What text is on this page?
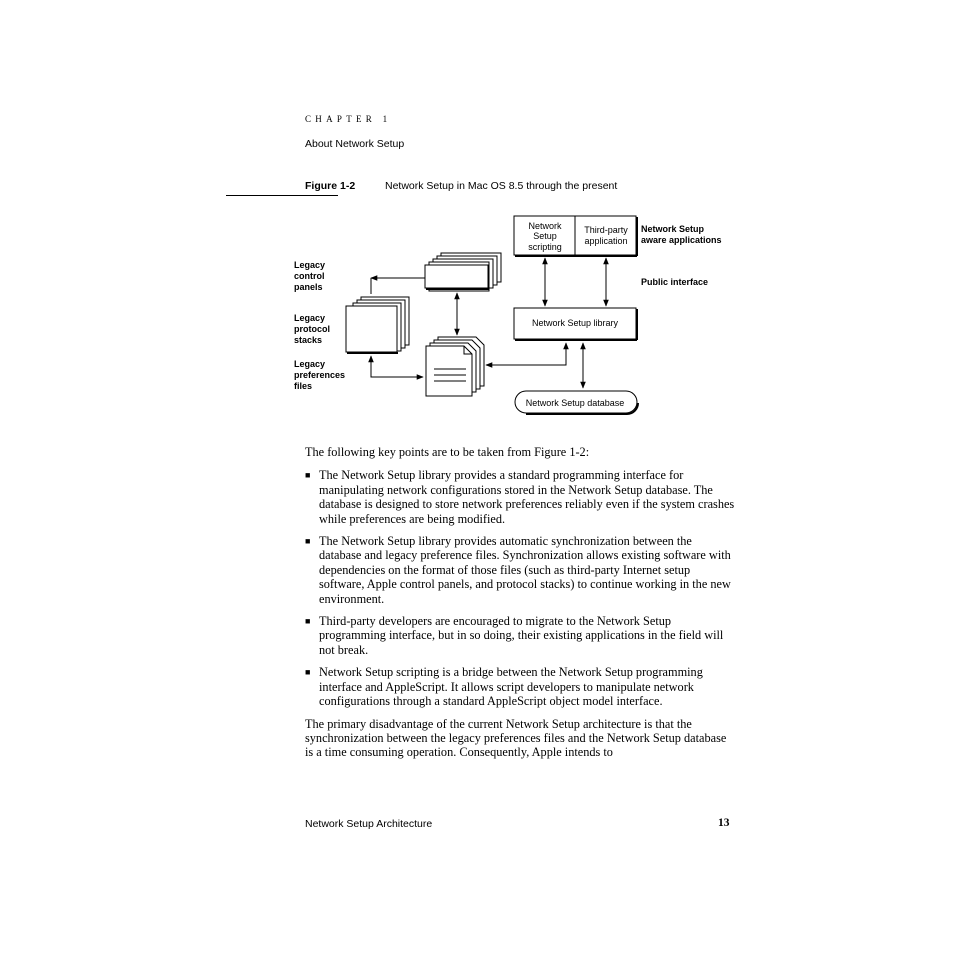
CHAPTER 1
About Network Setup
Figure 1-2	Network Setup in Mac OS 8.5 through the present
Network
Setup
scripting
Third-party
application
Network Setup library
Network Setup database
Legacy
control
panels
Legacy
protocol
stacks
Legacy
preferences
files
Network Setup
aware applications
Public interface

The following key points are to be taken from Figure 1-2:

■ The Network Setup library provides a standard programming interface for manipulating network configurations stored in the Network Setup database. The database is designed to store network preferences reliably even if the system crashes while preferences are being modified.
■ The Network Setup library provides automatic synchronization between the database and legacy preference files. Synchronization allows existing software with dependencies on the format of those files (such as third-party Internet setup software, Apple control panels, and protocol stacks) to continue working in the new environment.
■ Third-party developers are encouraged to migrate to the Network Setup programming interface, but in so doing, their existing applications in the field will not break.
■ Network Setup scripting is a bridge between the Network Setup programming interface and AppleScript. It allows script developers to manipulate network configurations through a standard AppleScript object model interface.

The primary disadvantage of the current Network Setup architecture is that the synchronization between the legacy preferences files and the Network Setup database is a time consuming operation. Consequently, Apple intends to

Network Setup Architecture	13
